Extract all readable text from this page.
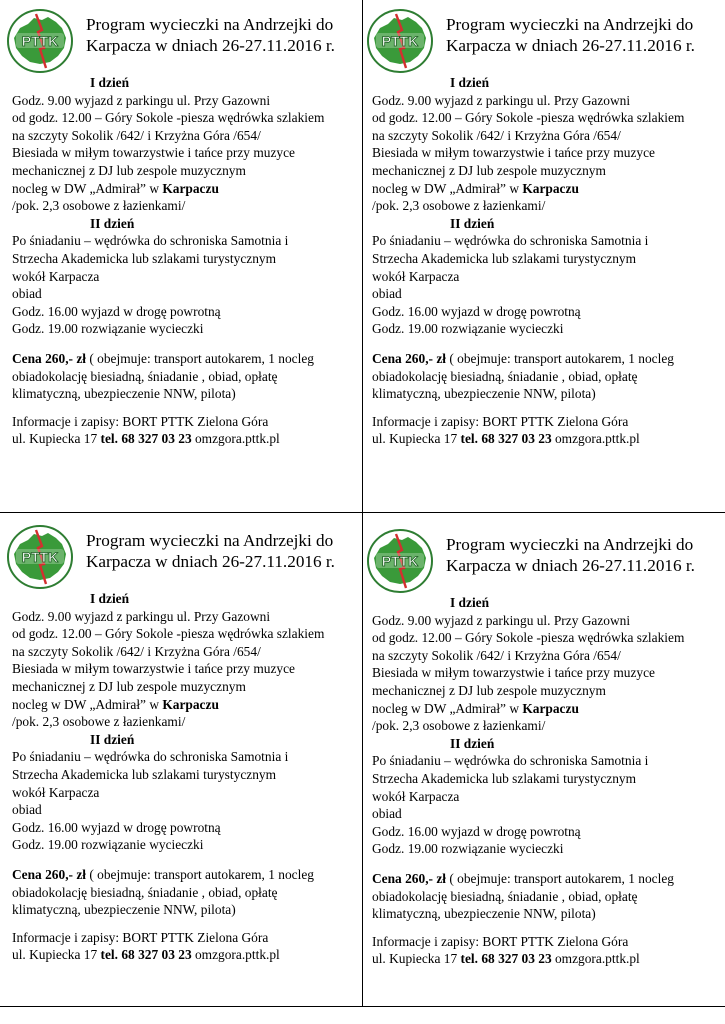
PTTK
Program wycieczki na Andrzejki do
Karpacza w dniach 26-27.11.2016 r.

I dzień

Godz. 9.00 wyjazd z parkingu ul. Przy Gazowni

od godz. 12.00 – Góry Sokole -piesza wędrówka szlakiem

na szczyty Sokolik /642/ i Krzyżna Góra /654/

Biesiada w miłym towarzystwie i tańce przy muzyce

mechanicznej z DJ lub zespole muzycznym

nocleg w DW „Admirał” w Karpaczu

/pok. 2,3 osobowe z łazienkami/

II dzień

Po śniadaniu – wędrówka do schroniska Samotnia i

Strzecha Akademicka lub szlakami turystycznym

wokół Karpacza

obiad

Godz. 16.00 wyjazd w drogę powrotną

Godz. 19.00 rozwiązanie wycieczki

Cena 260,- zł ( obejmuje: transport autokarem, 1 nocleg

obiadokolację biesiadną, śniadanie , obiad, opłatę

klimatyczną, ubezpieczenie NNW, pilota)

Informacje i zapisy: BORT PTTK Zielona Góra

ul. Kupiecka 17 tel. 68 327 03 23 omzgora.pttk.pl

PTTK
Program wycieczki na Andrzejki do
Karpacza w dniach 26-27.11.2016 r.

I dzień

Godz. 9.00 wyjazd z parkingu ul. Przy Gazowni

od godz. 12.00 – Góry Sokole -piesza wędrówka szlakiem

na szczyty Sokolik /642/ i Krzyżna Góra /654/

Biesiada w miłym towarzystwie i tańce przy muzyce

mechanicznej z DJ lub zespole muzycznym

nocleg w DW „Admirał” w Karpaczu

/pok. 2,3 osobowe z łazienkami/

II dzień

Po śniadaniu – wędrówka do schroniska Samotnia i

Strzecha Akademicka lub szlakami turystycznym

wokół Karpacza

obiad

Godz. 16.00 wyjazd w drogę powrotną

Godz. 19.00 rozwiązanie wycieczki

Cena 260,- zł ( obejmuje: transport autokarem, 1 nocleg

obiadokolację biesiadną, śniadanie , obiad, opłatę

klimatyczną, ubezpieczenie NNW, pilota)

Informacje i zapisy: BORT PTTK Zielona Góra

ul. Kupiecka 17 tel. 68 327 03 23 omzgora.pttk.pl

PTTK
Program wycieczki na Andrzejki do
Karpacza w dniach 26-27.11.2016 r.

I dzień

Godz. 9.00 wyjazd z parkingu ul. Przy Gazowni

od godz. 12.00 – Góry Sokole -piesza wędrówka szlakiem

na szczyty Sokolik /642/ i Krzyżna Góra /654/

Biesiada w miłym towarzystwie i tańce przy muzyce

mechanicznej z DJ lub zespole muzycznym

nocleg w DW „Admirał” w Karpaczu

/pok. 2,3 osobowe z łazienkami/

II dzień

Po śniadaniu – wędrówka do schroniska Samotnia i

Strzecha Akademicka lub szlakami turystycznym

wokół Karpacza

obiad

Godz. 16.00 wyjazd w drogę powrotną

Godz. 19.00 rozwiązanie wycieczki

Cena 260,- zł ( obejmuje: transport autokarem, 1 nocleg

obiadokolację biesiadną, śniadanie , obiad, opłatę

klimatyczną, ubezpieczenie NNW, pilota)

Informacje i zapisy: BORT PTTK Zielona Góra

ul. Kupiecka 17 tel. 68 327 03 23 omzgora.pttk.pl

PTTK
Program wycieczki na Andrzejki do
Karpacza w dniach 26-27.11.2016 r.

I dzień

Godz. 9.00 wyjazd z parkingu ul. Przy Gazowni

od godz. 12.00 – Góry Sokole -piesza wędrówka szlakiem

na szczyty Sokolik /642/ i Krzyżna Góra /654/

Biesiada w miłym towarzystwie i tańce przy muzyce

mechanicznej z DJ lub zespole muzycznym

nocleg w DW „Admirał” w Karpaczu

/pok. 2,3 osobowe z łazienkami/

II dzień

Po śniadaniu – wędrówka do schroniska Samotnia i

Strzecha Akademicka lub szlakami turystycznym

wokół Karpacza

obiad

Godz. 16.00 wyjazd w drogę powrotną

Godz. 19.00 rozwiązanie wycieczki

Cena 260,- zł ( obejmuje: transport autokarem, 1 nocleg

obiadokolację biesiadną, śniadanie , obiad, opłatę

klimatyczną, ubezpieczenie NNW, pilota)

Informacje i zapisy: BORT PTTK Zielona Góra

ul. Kupiecka 17 tel. 68 327 03 23 omzgora.pttk.pl
